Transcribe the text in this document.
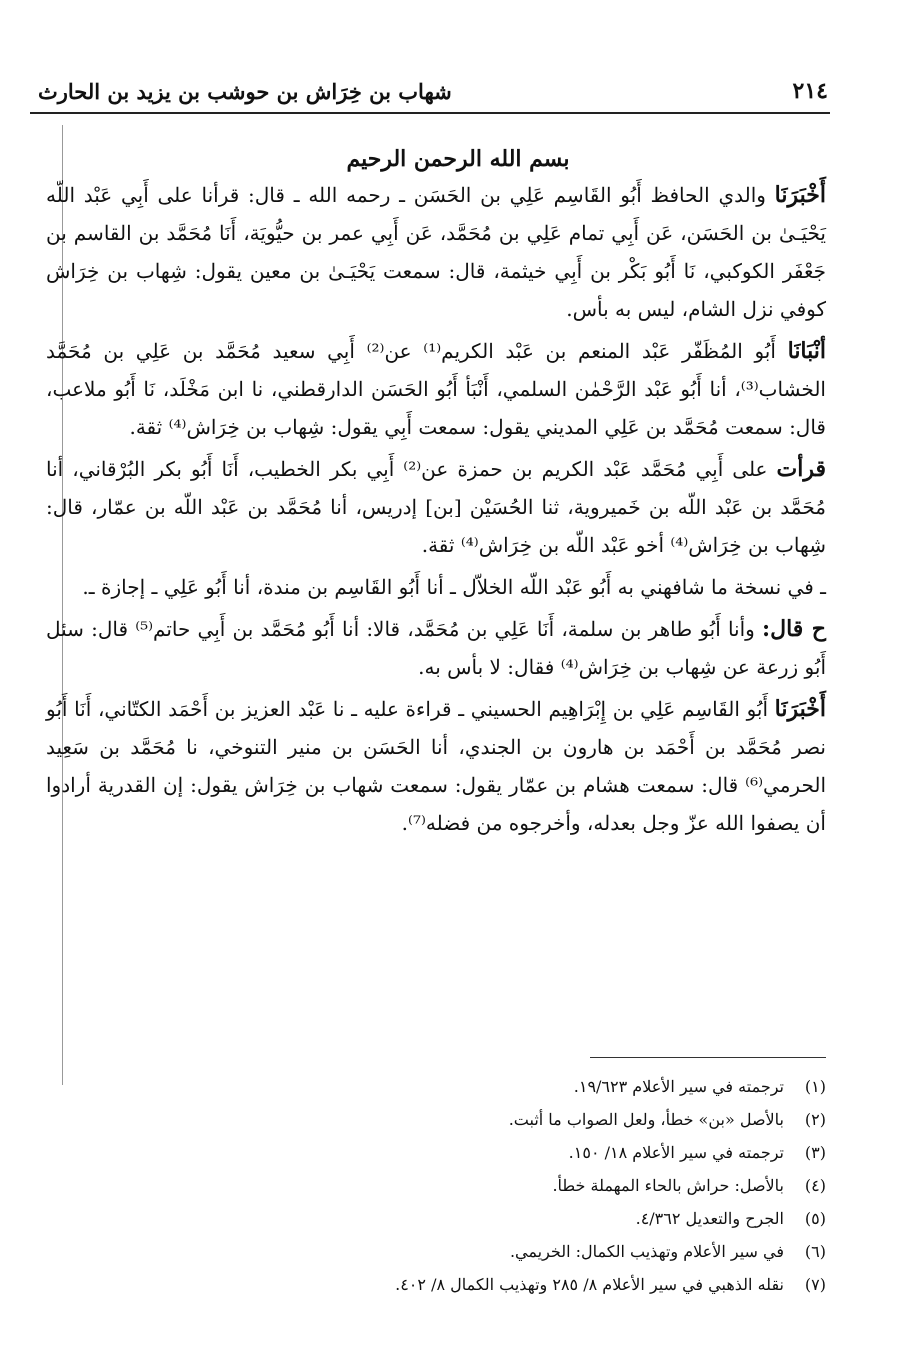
٢١٤
شهاب بن خِرَاش بن حوشب بن يزيد بن الحارث
بسم الله الرحمن الرحيم

أَخْبَرَنَا والدي الحافظ أَبُو القَاسِم عَلِي بن الحَسَن ـ رحمه الله ـ قال: قرأنا على أَبِي عَبْد اللّه يَحْيَـىٰ بن الحَسَن، عَن أَبِي تمام عَلِي بن مُحَمَّد، عَن أَبِي عمر بن حيُّويَة، أَنَا مُحَمَّد بن القاسم بن جَعْفَر الكوكبي، نَا أَبُو بَكْر بن أَبِي خيثمة، قال: سمعت يَحْيَـىٰ بن معين يقول: شِهاب بن خِرَاش كوفي نزل الشام، ليس به بأس.

أنْبَانَا أَبُو المُظَفّر عَبْد المنعم بن عَبْد الكريم⁽¹⁾ عن⁽²⁾ أَبِي سعيد مُحَمَّد بن عَلِي بن مُحَمَّد الخشاب⁽³⁾، أنا أَبُو عَبْد الرَّحْمٰن السلمي، أَنْبَأ أَبُو الحَسَن الدارقطني، نا ابن مَخْلَد، نَا أَبُو ملاعب، قال: سمعت مُحَمَّد بن عَلِي المديني يقول: سمعت أَبِي يقول: شِهاب بن خِرَاش⁽⁴⁾ ثقة.

قرأت على أَبِي مُحَمَّد عَبْد الكريم بن حمزة عن⁽²⁾ أَبِي بكر الخطيب، أَنَا أَبُو بكر البُرْقاني، أنا مُحَمَّد بن عَبْد اللّه بن خَميروية، ثنا الحُسَيْن [بن] إدريس، أنا مُحَمَّد بن عَبْد اللّه بن عمّار، قال: شِهاب بن خِرَاش⁽⁴⁾ أخو عَبْد اللّه بن خِرَاش⁽⁴⁾ ثقة.

ـ في نسخة ما شافهني به أَبُو عَبْد اللّه الخلاّل ـ أنا أَبُو القَاسِم بن مندة، أنا أَبُو عَلِي ـ إجازة ـ.

ح قال: وأنا أَبُو طاهر بن سلمة، أَنَا عَلِي بن مُحَمَّد، قالا: أنا أَبُو مُحَمَّد بن أَبِي حاتم⁽⁵⁾ قال: سئل أَبُو زرعة عن شِهاب بن خِرَاش⁽⁴⁾ فقال: لا بأس به.

أَخْبَرَنَا أَبُو القَاسِم عَلِي بن إِبْرَاهِيم الحسيني ـ قراءة عليه ـ نا عَبْد العزيز بن أَحْمَد الكتّاني، أَنَا أَبُو نصر مُحَمَّد بن أَحْمَد بن هارون بن الجندي، أنا الحَسَن بن منير التنوخي، نا مُحَمَّد بن سَعِيد الحرمي⁽⁶⁾ قال: سمعت هشام بن عمّار يقول: سمعت شهاب بن خِرَاش يقول: إن القدرية أرادوا أن يصفوا الله عزّ وجل بعدله، وأخرجوه من فضله⁽⁷⁾.

(١)
ترجمته في سير الأعلام ١٩/٦٢٣.
(٢)
بالأصل «بن» خطأ، ولعل الصواب ما أثبت.
(٣)
ترجمته في سير الأعلام ١٨/ ١٥٠.
(٤)
بالأصل: حراش بالحاء المهملة خطأ.
(٥)
الجرح والتعديل ٤/٣٦٢.
(٦)
في سير الأعلام وتهذيب الكمال: الخريمي.
(٧)
نقله الذهبي في سير الأعلام ٨/ ٢٨٥ وتهذيب الكمال ٨/ ٤٠٢.
